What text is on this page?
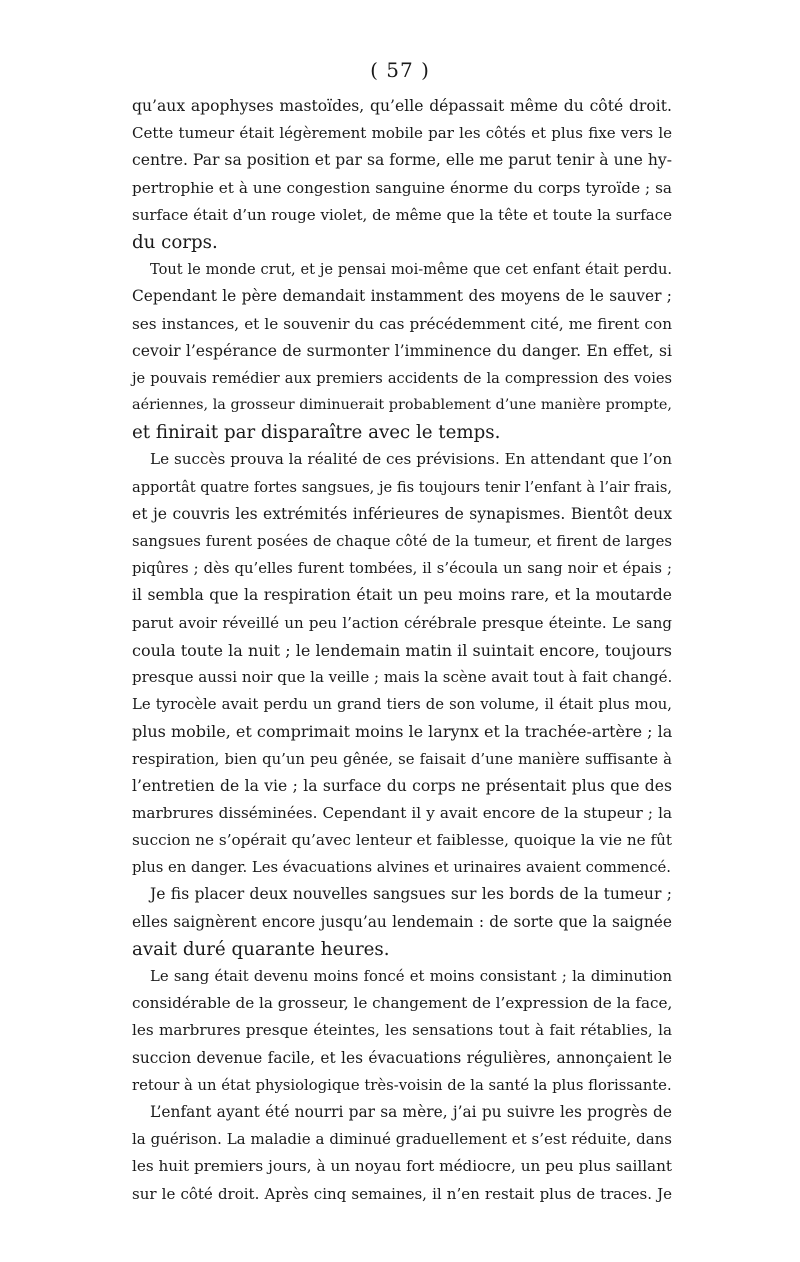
( 57 )
qu’aux apophyses mastoïdes, qu’elle dépassait même du côté droit.
Cette tumeur était légèrement mobile par les côtés et plus fixe vers le
centre. Par sa position et par sa forme, elle me parut tenir à une hy-
pertrophie et à une congestion sanguine énorme du corps tyroïde ; sa
surface était d’un rouge violet, de même que la tête et toute la surface
du corps.
Tout le monde crut, et je pensai moi-même que cet enfant était perdu.
Cependant le père demandait instamment des moyens de le sauver ;
ses instances, et le souvenir du cas précédemment cité, me firent con
cevoir l’espérance de surmonter l’imminence du danger. En effet, si
je pouvais remédier aux premiers accidents de la compression des voies
aériennes, la grosseur diminuerait probablement d’une manière prompte,
et finirait par disparaître avec le temps.
Le succès prouva la réalité de ces prévisions. En attendant que l’on
apportât quatre fortes sangsues, je fis toujours tenir l’enfant à l’air frais,
et je couvris les extrémités inférieures de synapismes. Bientôt deux
sangsues furent posées de chaque côté de la tumeur, et firent de larges
piqûres ; dès qu’elles furent tombées, il s’écoula un sang noir et épais ;
il sembla que la respiration était un peu moins rare, et la moutarde
parut avoir réveillé un peu l’action cérébrale presque éteinte. Le sang
coula toute la nuit ; le lendemain matin il suintait encore, toujours
presque aussi noir que la veille ; mais la scène avait tout à fait changé.
Le tyrocèle avait perdu un grand tiers de son volume, il était plus mou,
plus mobile, et comprimait moins le larynx et la trachée-artère ; la
respiration, bien qu’un peu gênée, se faisait d’une manière suffisante à
l’entretien de la vie ; la surface du corps ne présentait plus que des
marbrures disséminées. Cependant il y avait encore de la stupeur ; la
succion ne s’opérait qu’avec lenteur et faiblesse, quoique la vie ne fût
plus en danger. Les évacuations alvines et urinaires avaient commencé.
Je fis placer deux nouvelles sangsues sur les bords de la tumeur ;
elles saignèrent encore jusqu’au lendemain : de sorte que la saignée
avait duré quarante heures.
Le sang était devenu moins foncé et moins consistant ; la diminution
considérable de la grosseur, le changement de l’expression de la face,
les marbrures presque éteintes, les sensations tout à fait rétablies, la
succion devenue facile, et les évacuations régulières, annonçaient le
retour à un état physiologique très-voisin de la santé la plus florissante.
L’enfant ayant été nourri par sa mère, j’ai pu suivre les progrès de
la guérison. La maladie a diminué graduellement et s’est réduite, dans
les huit premiers jours, à un noyau fort médiocre, un peu plus saillant
sur le côté droit. Après cinq semaines, il n’en restait plus de traces. Je
